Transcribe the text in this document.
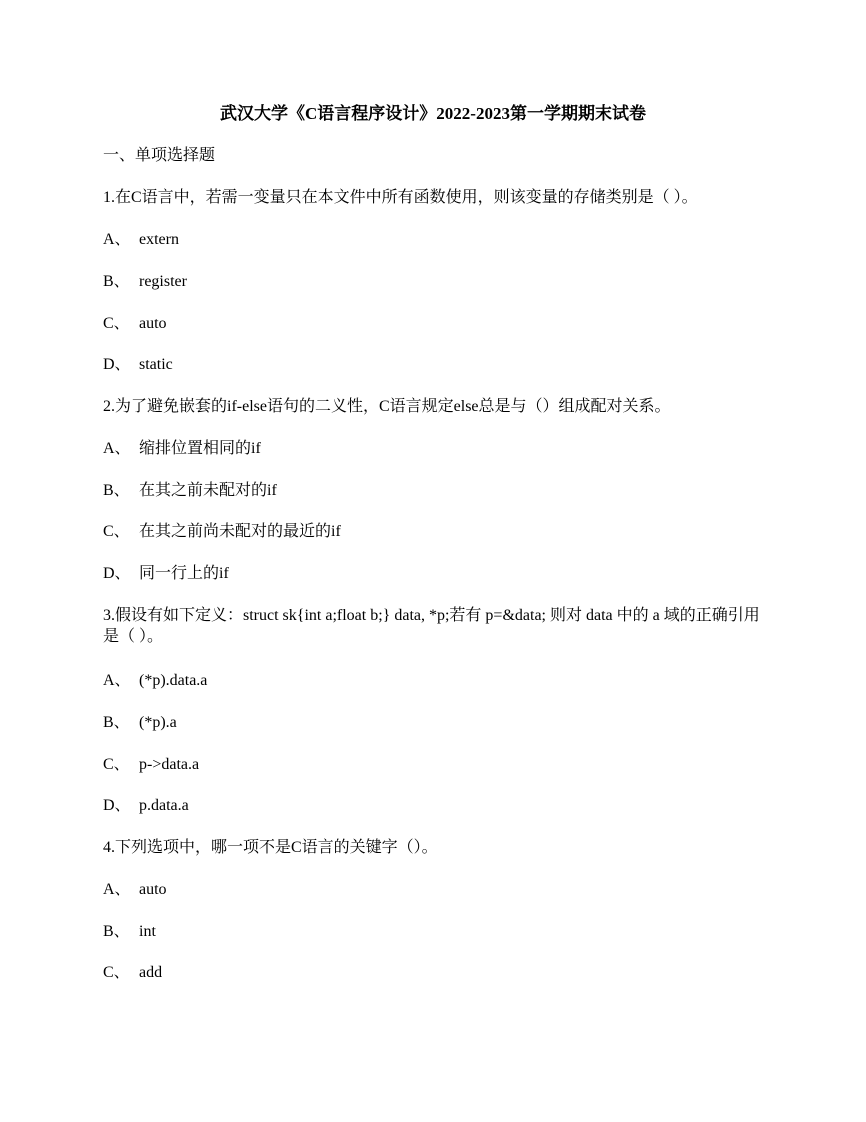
武汉大学《C语言程序设计》2022-2023第一学期期末试卷
一、单项选择题
1.在C语言中，若需一变量只在本文件中所有函数使用，则该变量的存储类别是（ ）。
A、 extern
B、 register
C、 auto
D、 static
2.为了避免嵌套的if-else语句的二义性，C语言规定else总是与（）组成配对关系。
A、 缩排位置相同的if
B、 在其之前未配对的if
C、 在其之前尚未配对的最近的if
D、 同一行上的if
3.假设有如下定义：struct sk{int a;float b;} data, *p;若有 p=&data; 则对 data 中的 a 域的正确引用是（ ）。
A、 (*p).data.a
B、 (*p).a
C、 p->data.a
D、 p.data.a
4.下列选项中，哪一项不是C语言的关键字（）。
A、 auto
B、 int
C、 add
